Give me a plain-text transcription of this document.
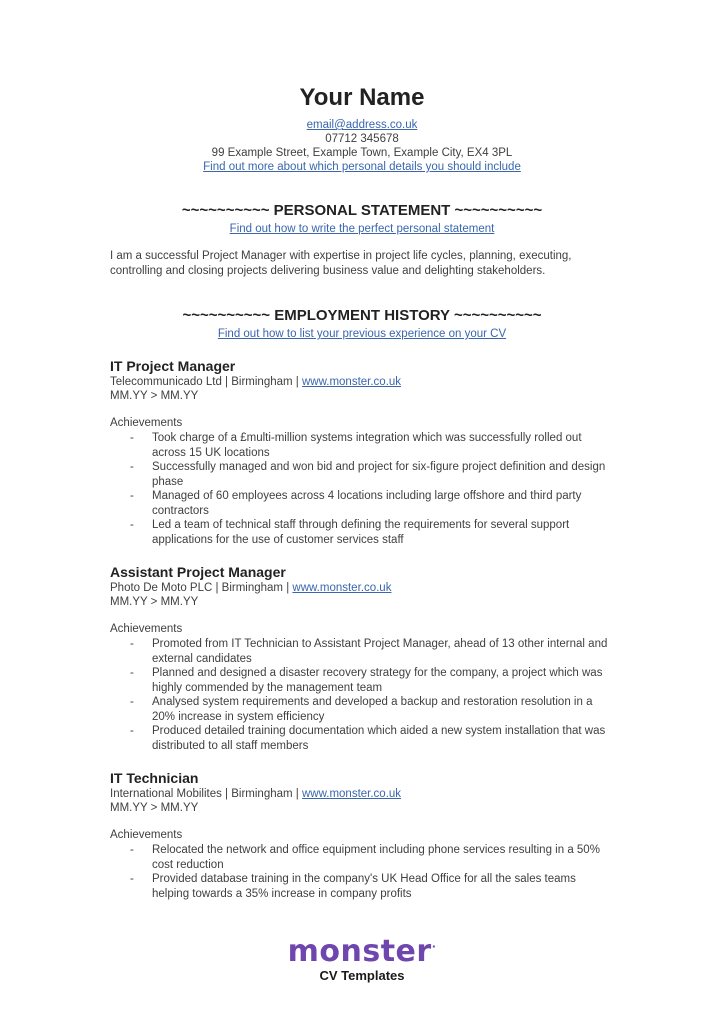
Your Name
email@address.co.uk
07712 345678
99 Example Street, Example Town, Example City, EX4 3PL
Find out more about which personal details you should include
~~~~~~~~~~ PERSONAL STATEMENT ~~~~~~~~~~
Find out how to write the perfect personal statement

I am a successful Project Manager with expertise in project life cycles, planning, executing, controlling and closing projects delivering business value and delighting stakeholders.

~~~~~~~~~~ EMPLOYMENT HISTORY ~~~~~~~~~~
Find out how to list your previous experience on your CV
IT Project Manager
Telecommunicado Ltd | Birmingham | www.monster.co.uk
MM.YY > MM.YY
Achievements
-	Took charge of a £multi-million systems integration which was successfully rolled out across 15 UK locations
-	Successfully managed and won bid and project for six-figure project definition and design phase
-	Managed of 60 employees across 4 locations including large offshore and third party contractors
-	Led a team of technical staff through defining the requirements for several support applications for the use of customer services staff
Assistant Project Manager
Photo De Moto PLC | Birmingham | www.monster.co.uk
MM.YY > MM.YY
Achievements
-	Promoted from IT Technician to Assistant Project Manager, ahead of 13 other internal and external candidates
-	Planned and designed a disaster recovery strategy for the company, a project which was highly commended by the management team
-	Analysed system requirements and developed a backup and restoration resolution in a 20% increase in system efficiency
-	Produced detailed training documentation which aided a new system installation that was distributed to all staff members
IT Technician
International Mobilites | Birmingham | www.monster.co.uk
MM.YY > MM.YY
Achievements
-	Relocated the network and office equipment including phone services resulting in a 50% cost reduction
-	Provided database training in the company's UK Head Office for all the sales teams helping towards a 35% increase in company profits
monster·
CV Templates
